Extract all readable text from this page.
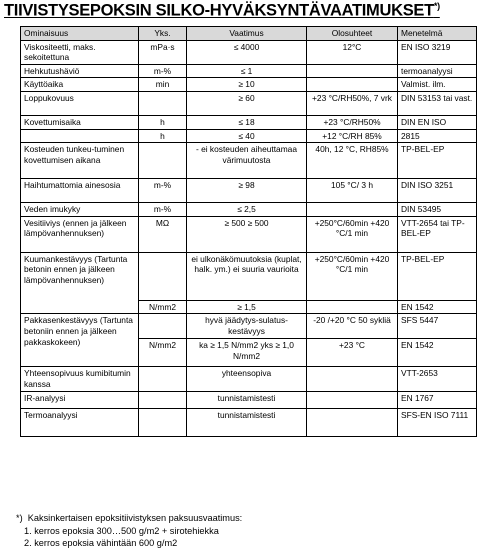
TIIVISTYSEPOKSIN SILKO-HYVÄKSYNTÄVAATIMUKSET*)
Ominaisuus	Yks.	Vaatimus	Olosuhteet	Menetelmä
Viskositeetti, maks. sekoitettuna	mPa·s	≤ 4000	12°C	EN ISO 3219
Hehkutushäviö	m-%	≤ 1		termoanalyysi
Käyttöaika	min	≥ 10		Valmist. ilm.
Loppukovuus		≥ 60	+23 °C/RH50%, 7 vrk	DIN 53153 tai vast.
Kovettumisaika	h	≤ 18	+23 °C/RH50%	DIN EN ISO
	h	≤ 40	+12 °C/RH 85%	2815
Kosteuden tunkeu-tuminen kovettumisen aikana		- ei kosteuden aiheuttamaa värimuutosta	40h, 12 °C, RH85%	TP-BEL-EP
Haihtumattomia ainesosia	m-%	≥ 98	105 °C/ 3 h	DIN ISO 3251
Veden imukyky	m-%	≤ 2,5		DIN 53495
Vesitiiviys (ennen ja jälkeen lämpövanhennuksen)	MΩ	≥ 500 ≥ 500	+250°C/60min +420 °C/1 min	VTT-2654 tai TP-BEL-EP
Kuumankestävyys (Tartunta betonin ennen ja jälkeen lämpövanhennuksen)		ei ulkonäkömuutoksia (kuplat, halk. ym.) ei suuria vaurioita	+250°C/60min +420 °C/1 min	TP-BEL-EP
	N/mm2	≥ 1,5		EN 1542
Pakkasenkestävyys (Tartunta betoniin ennen ja jälkeen pakkaskokeen)		hyvä jäädytys-sulatus-kestävyys	-20 /+20 °C 50 sykliä	SFS 5447
	N/mm2	ka ≥ 1,5 N/mm2 yks ≥ 1,0 N/mm2	+23 °C	EN 1542
Yhteensopivuus kumibitumin kanssa		yhteensopiva		VTT-2653
IR-analyysi		tunnistamistesti		EN 1767
Termoanalyysi		tunnistamistesti		SFS-EN ISO 7111
*) Kaksinkertaisen epoksitiivistyksen paksuusvaatimus:
1. kerros epoksia 300…500 g/m2 + sirotehiekka
2. kerros epoksia vähintään 600 g/m2
